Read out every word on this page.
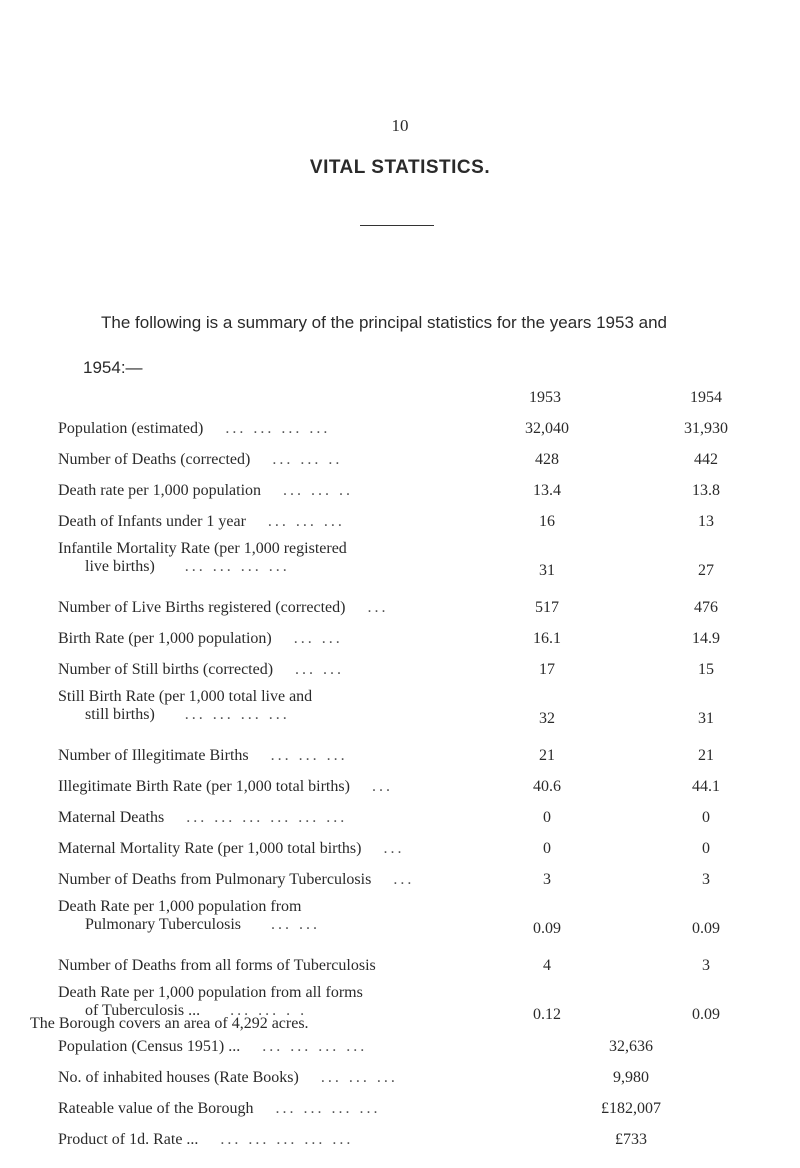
10
VITAL STATISTICS.
The following is a summary of the principal statistics for the years 1953 and
1954:—
1953	1954
Population (estimated) ... ... ... ...	32,040	31,930
Number of Deaths (corrected) ... ... ..	428	442
Death rate per 1,000 population ... ... ..	13.4	13.8
Death of Infants under 1 year ... ... ...	16	13
Infantile Mortality Rate (per 1,000 registered
live births) ... ... ... ...	31	27
Number of Live Births registered (corrected) ...	517	476
Birth Rate (per 1,000 population) ... ...	16.1	14.9
Number of Still births (corrected) ... ...	17	15
Still Birth Rate (per 1,000 total live and
still births) ... ... ... ...	32	31
Number of Illegitimate Births ... ... ...	21	21
Illegitimate Birth Rate (per 1,000 total births) ...	40.6	44.1
Maternal Deaths ... ... ... ... ... ...	0	0
Maternal Mortality Rate (per 1,000 total births) ...	0	0
Number of Deaths from Pulmonary Tuberculosis ...	3	3
Death Rate per 1,000 population from
Pulmonary Tuberculosis ... ...	0.09	0.09
Number of Deaths from all forms of Tuberculosis	4	3
Death Rate per 1,000 population from all forms
of Tuberculosis ... ... ... . .	0.12	0.09
The Borough covers an area of 4,292 acres.
Population (Census 1951) ... ... ... ... ...	32,636
No. of inhabited houses (Rate Books) ... ... ...	9,980
Rateable value of the Borough ... ... ... ...	£182,007
Product of 1d. Rate ... ... ... ... ... ...	£733
